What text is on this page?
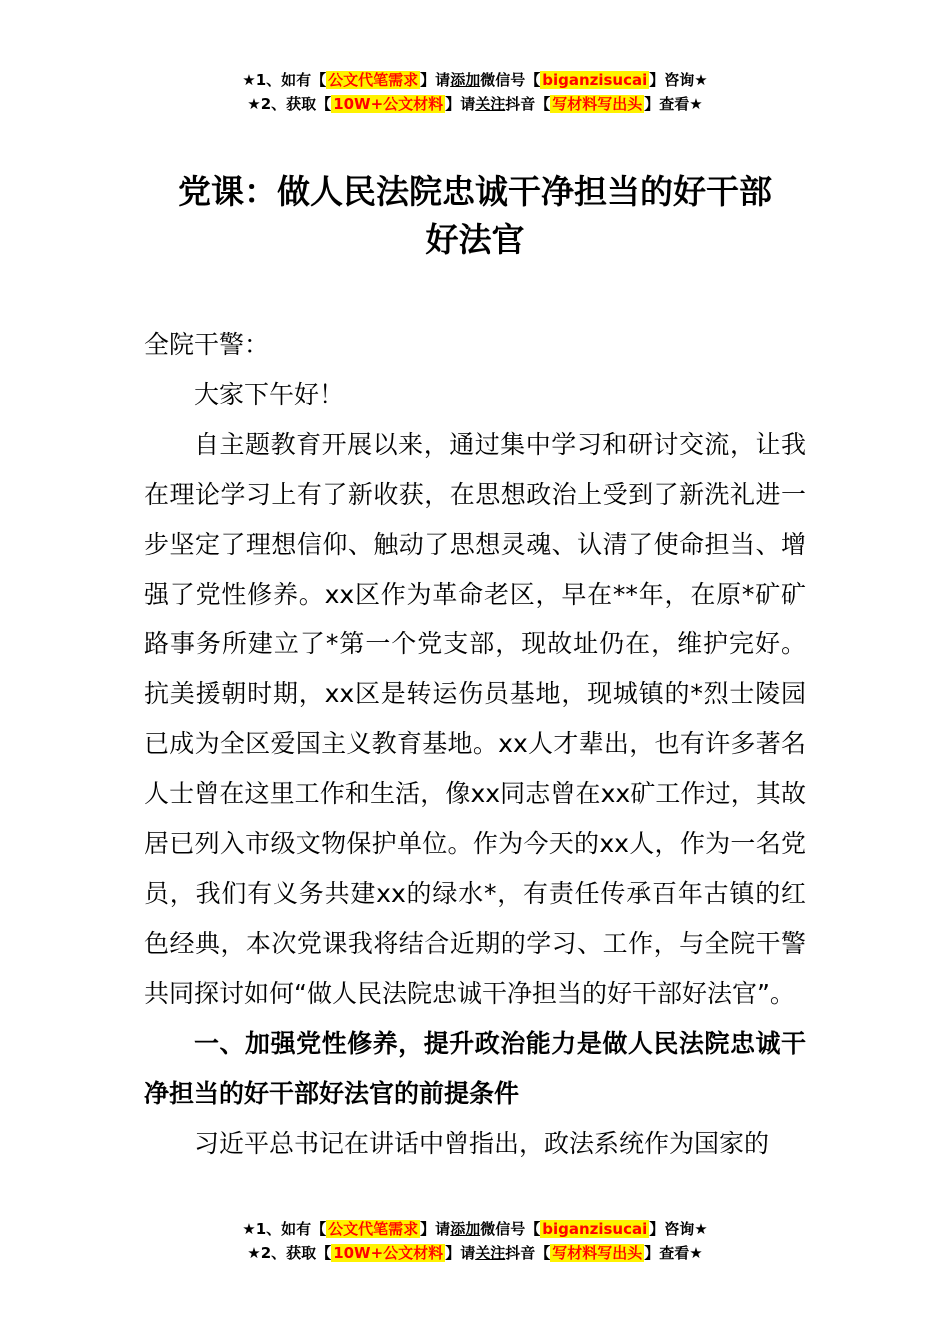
★1、如有【 公文代笔需求 】请添加微信号【 biganzisucai 】咨询★
★2、获取【 10W+公文材料 】请关注抖音【 写材料写出头 】查看★
党课：做人民法院忠诚干净担当的好干部
好法官

全院干警：

大家下午好！

自主题教育开展以来，通过集中学习和研讨交流，让我在理论学习上有了新收获，在思想政治上受到了新洗礼进一步坚定了理想信仰、触动了思想灵魂、认清了使命担当、增强了党性修养。xx区作为革命老区，早在**年，在原*矿矿路事务所建立了*第一个党支部，现故址仍在，维护完好。抗美援朝时期，xx区是转运伤员基地，现城镇的*烈士陵园已成为全区爱国主义教育基地。xx人才辈出，也有许多著名人士曾在这里工作和生活，像xx同志曾在xx矿工作过，其故居已列入市级文物保护单位。作为今天的xx人，作为一名党员，我们有义务共建xx的绿水*，有责任传承百年古镇的红色经典，本次党课我将结合近期的学习、工作，与全院干警共同探讨如何“做人民法院忠诚干净担当的好干部好法官”。

一、加强党性修养，提升政治能力是做人民法院忠诚干净担当的好干部好法官的前提条件

习近平总书记在讲话中曾指出，政法系统作为国家的

★1、如有【 公文代笔需求 】请添加微信号【 biganzisucai 】咨询★
★2、获取【 10W+公文材料 】请关注抖音【 写材料写出头 】查看★
